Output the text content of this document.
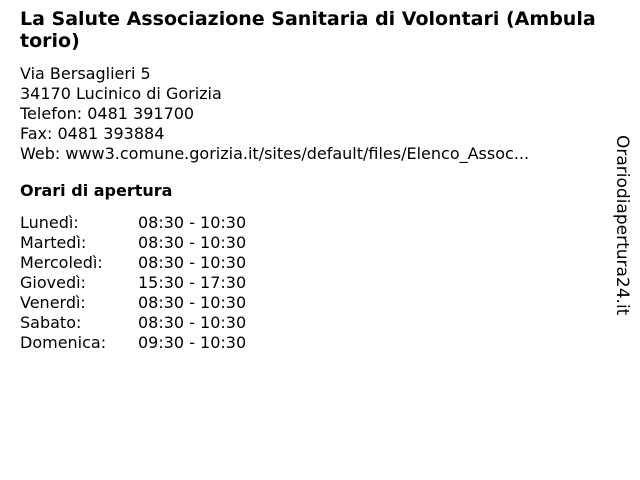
La Salute Associazione Sanitaria di Volontari (Ambulatorio)
Via Bersaglieri 5
34170 Lucinico di Gorizia
Telefon: 0481 391700
Fax: 0481 393884
Web: www3.comune.gorizia.it/sites/default/files/Elenco_Assoc...
Orari di apertura
Lunedì:	08:30 - 10:30
Martedì:	08:30 - 10:30
Mercoledì:	08:30 - 10:30
Giovedì:	15:30 - 17:30
Venerdì:	08:30 - 10:30
Sabato:	08:30 - 10:30
Domenica:	09:30 - 10:30
Orariodiapertura24.it
